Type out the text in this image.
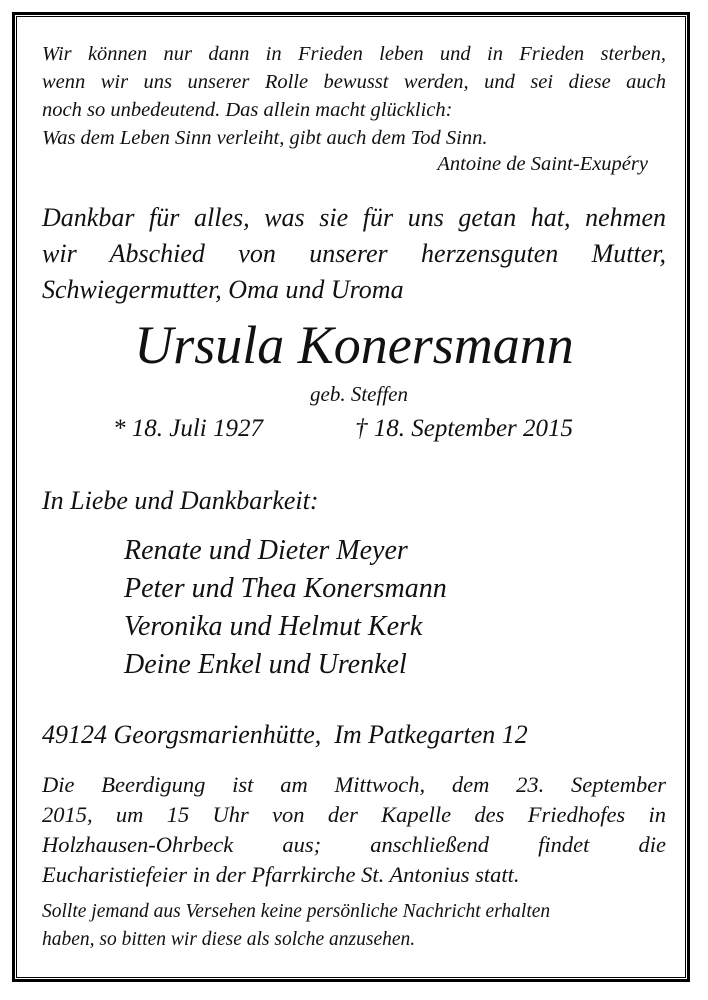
Wir können nur dann in Frieden leben und in Frieden sterben,
wenn wir uns unserer Rolle bewusst werden, und sei diese auch
noch so unbedeutend. Das allein macht glücklich:
Was dem Leben Sinn verleiht, gibt auch dem Tod Sinn.
Antoine de Saint-Exupéry
Dankbar für alles, was sie für uns getan hat, nehmen
wir Abschied von unserer herzensguten Mutter,
Schwiegermutter, Oma und Uroma
Ursula Konersmann
geb. Steffen
* 18. Juli 1927	† 18. September 2015
In Liebe und Dankbarkeit:
Renate und Dieter Meyer
Peter und Thea Konersmann
Veronika und Helmut Kerk
Deine Enkel und Urenkel
49124 Georgsmarienhütte,  Im Patkegarten 12
Die Beerdigung ist am Mittwoch, dem 23. September
2015, um 15 Uhr von der Kapelle des Friedhofes in
Holzhausen-Ohrbeck aus; anschließend findet die
Eucharistiefeier in der Pfarrkirche St. Antonius statt.
Sollte jemand aus Versehen keine persönliche Nachricht erhalten
haben, so bitten wir diese als solche anzusehen.
